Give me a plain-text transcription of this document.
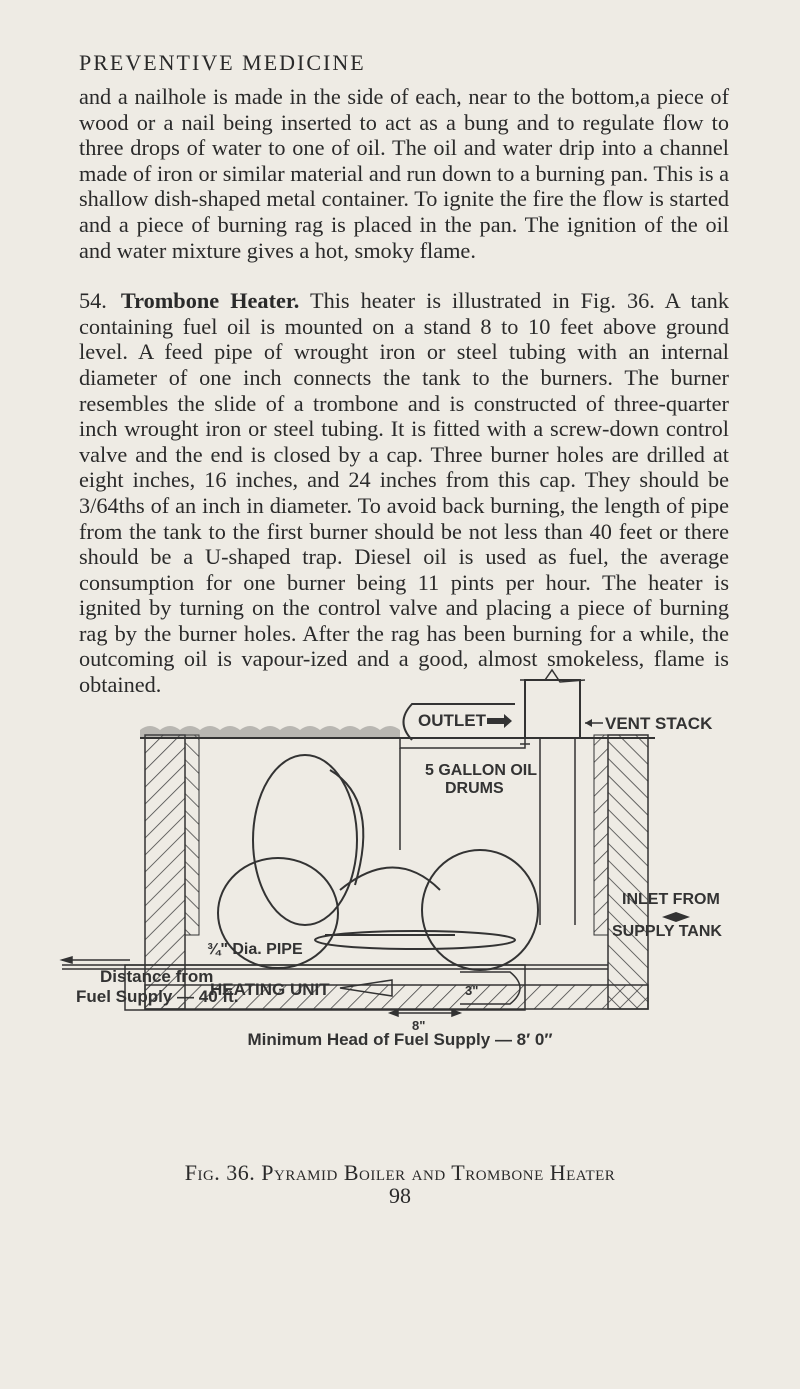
PREVENTIVE MEDICINE

and a nailhole is made in the side of each, near to the bottom,a piece of wood or a nail being inserted to act as a bung and to regulate flow to three drops of water to one of oil. The oil and water drip into a channel made of iron or similar material and run down to a burning pan. This is a shallow dish-shaped metal container. To ignite the fire the flow is started and a piece of burning rag is placed in the pan. The ignition of the oil and water mixture gives a hot, smoky flame.

54. Trombone Heater. This heater is illustrated in Fig. 36. A tank containing fuel oil is mounted on a stand 8 to 10 feet above ground level. A feed pipe of wrought iron or steel tubing with an internal diameter of one inch connects the tank to the burners. The burner resembles the slide of a trombone and is constructed of three-quarter inch wrought iron or steel tubing. It is fitted with a screw-down control valve and the end is closed by a cap. Three burner holes are drilled at eight inches, 16 inches, and 24 inches from this cap. They should be 3/64ths of an inch in diameter. To avoid back burning, the length of pipe from the tank to the first burner should be not less than 40 feet or there should be a U-shaped trap. Diesel oil is used as fuel, the average consumption for one burner being 11 pints per hour. The heater is ignited by turning on the control valve and placing a piece of burning rag by the burner holes. After the rag has been burning for a while, the outcoming oil is vapour-ized and a good, almost smokeless, flame is obtained.

VENT STACK
OUTLET
5 GALLON OIL
DRUMS
INLET FROM
SUPPLY TANK
¾" Dia. PIPE
Distance from
Fuel Supply — 40 ft.
HEATING UNIT	3"
8"
Minimum Head of Fuel Supply — 8′ 0″
Fig. 36. Pyramid Boiler and Trombone Heater
98
